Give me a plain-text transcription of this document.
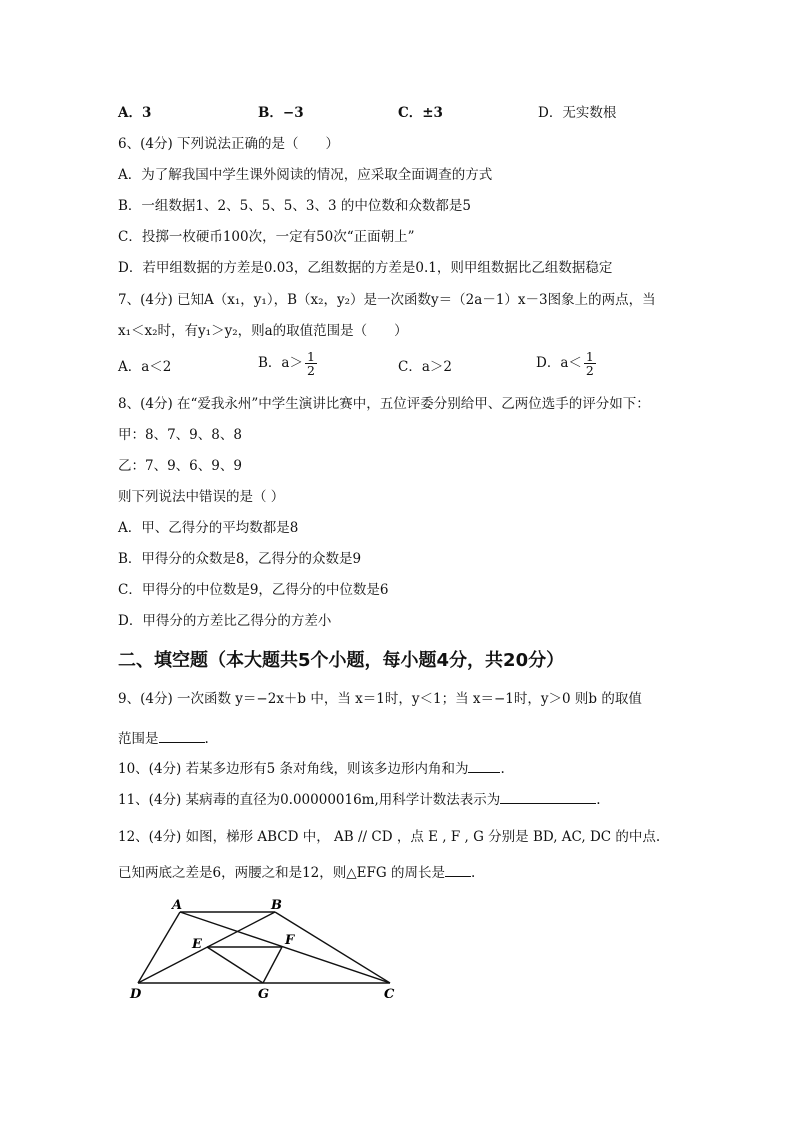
A．3	B．−3	C．±3	D．无实数根
6、(4分) 下列说法正确的是（　　）
A．为了解我国中学生课外阅读的情况，应采取全面调查的方式
B．一组数据1、2、5、5、5、3、3 的中位数和众数都是5
C．投掷一枚硬币100次，一定有50次“正面朝上”
D．若甲组数据的方差是0.03，乙组数据的方差是0.1，则甲组数据比乙组数据稳定
7、(4分) 已知A（x₁，y₁），B（x₂，y₂）是一次函数y＝（2a－1）x－3图象上的两点，当
x₁＜x₂时，有y₁＞y₂，则a的取值范围是（　　）
A．a＜2	B．$a> \frac{1}{2}$	C．a＞2	D．$a< \frac{1}{2}$
8、(4分) 在“爱我永州”中学生演讲比赛中，五位评委分别给甲、乙两位选手的评分如下：
甲：8、7、9、8、8
乙：7、9、6、9、9
则下列说法中错误的是（ ）
A．甲、乙得分的平均数都是8
B．甲得分的众数是8，乙得分的众数是9
C．甲得分的中位数是9，乙得分的中位数是6
D．甲得分的方差比乙得分的方差小
二、填空题（本大题共5个小题，每小题4分，共20分）
9、(4分) 一次函数 y＝−2x＋b 中，当 x＝1时，y＜1；当 x＝−1时，y＞0 则b 的取值
范围是	.
10、(4分) 若某多边形有5 条对角线，则该多边形内角和为 .
11、(4分) 某病毒的直径为0.00000016m,用科学计数法表示为	.
12、(4分) 如图，梯形 ABCD 中， AB // CD ，点 E , F , G 分别是 BD, AC, DC 的中点.
已知两底之差是6，两腰之和是12，则△EFG 的周长是 .
A	B
C
D
E	F
G
